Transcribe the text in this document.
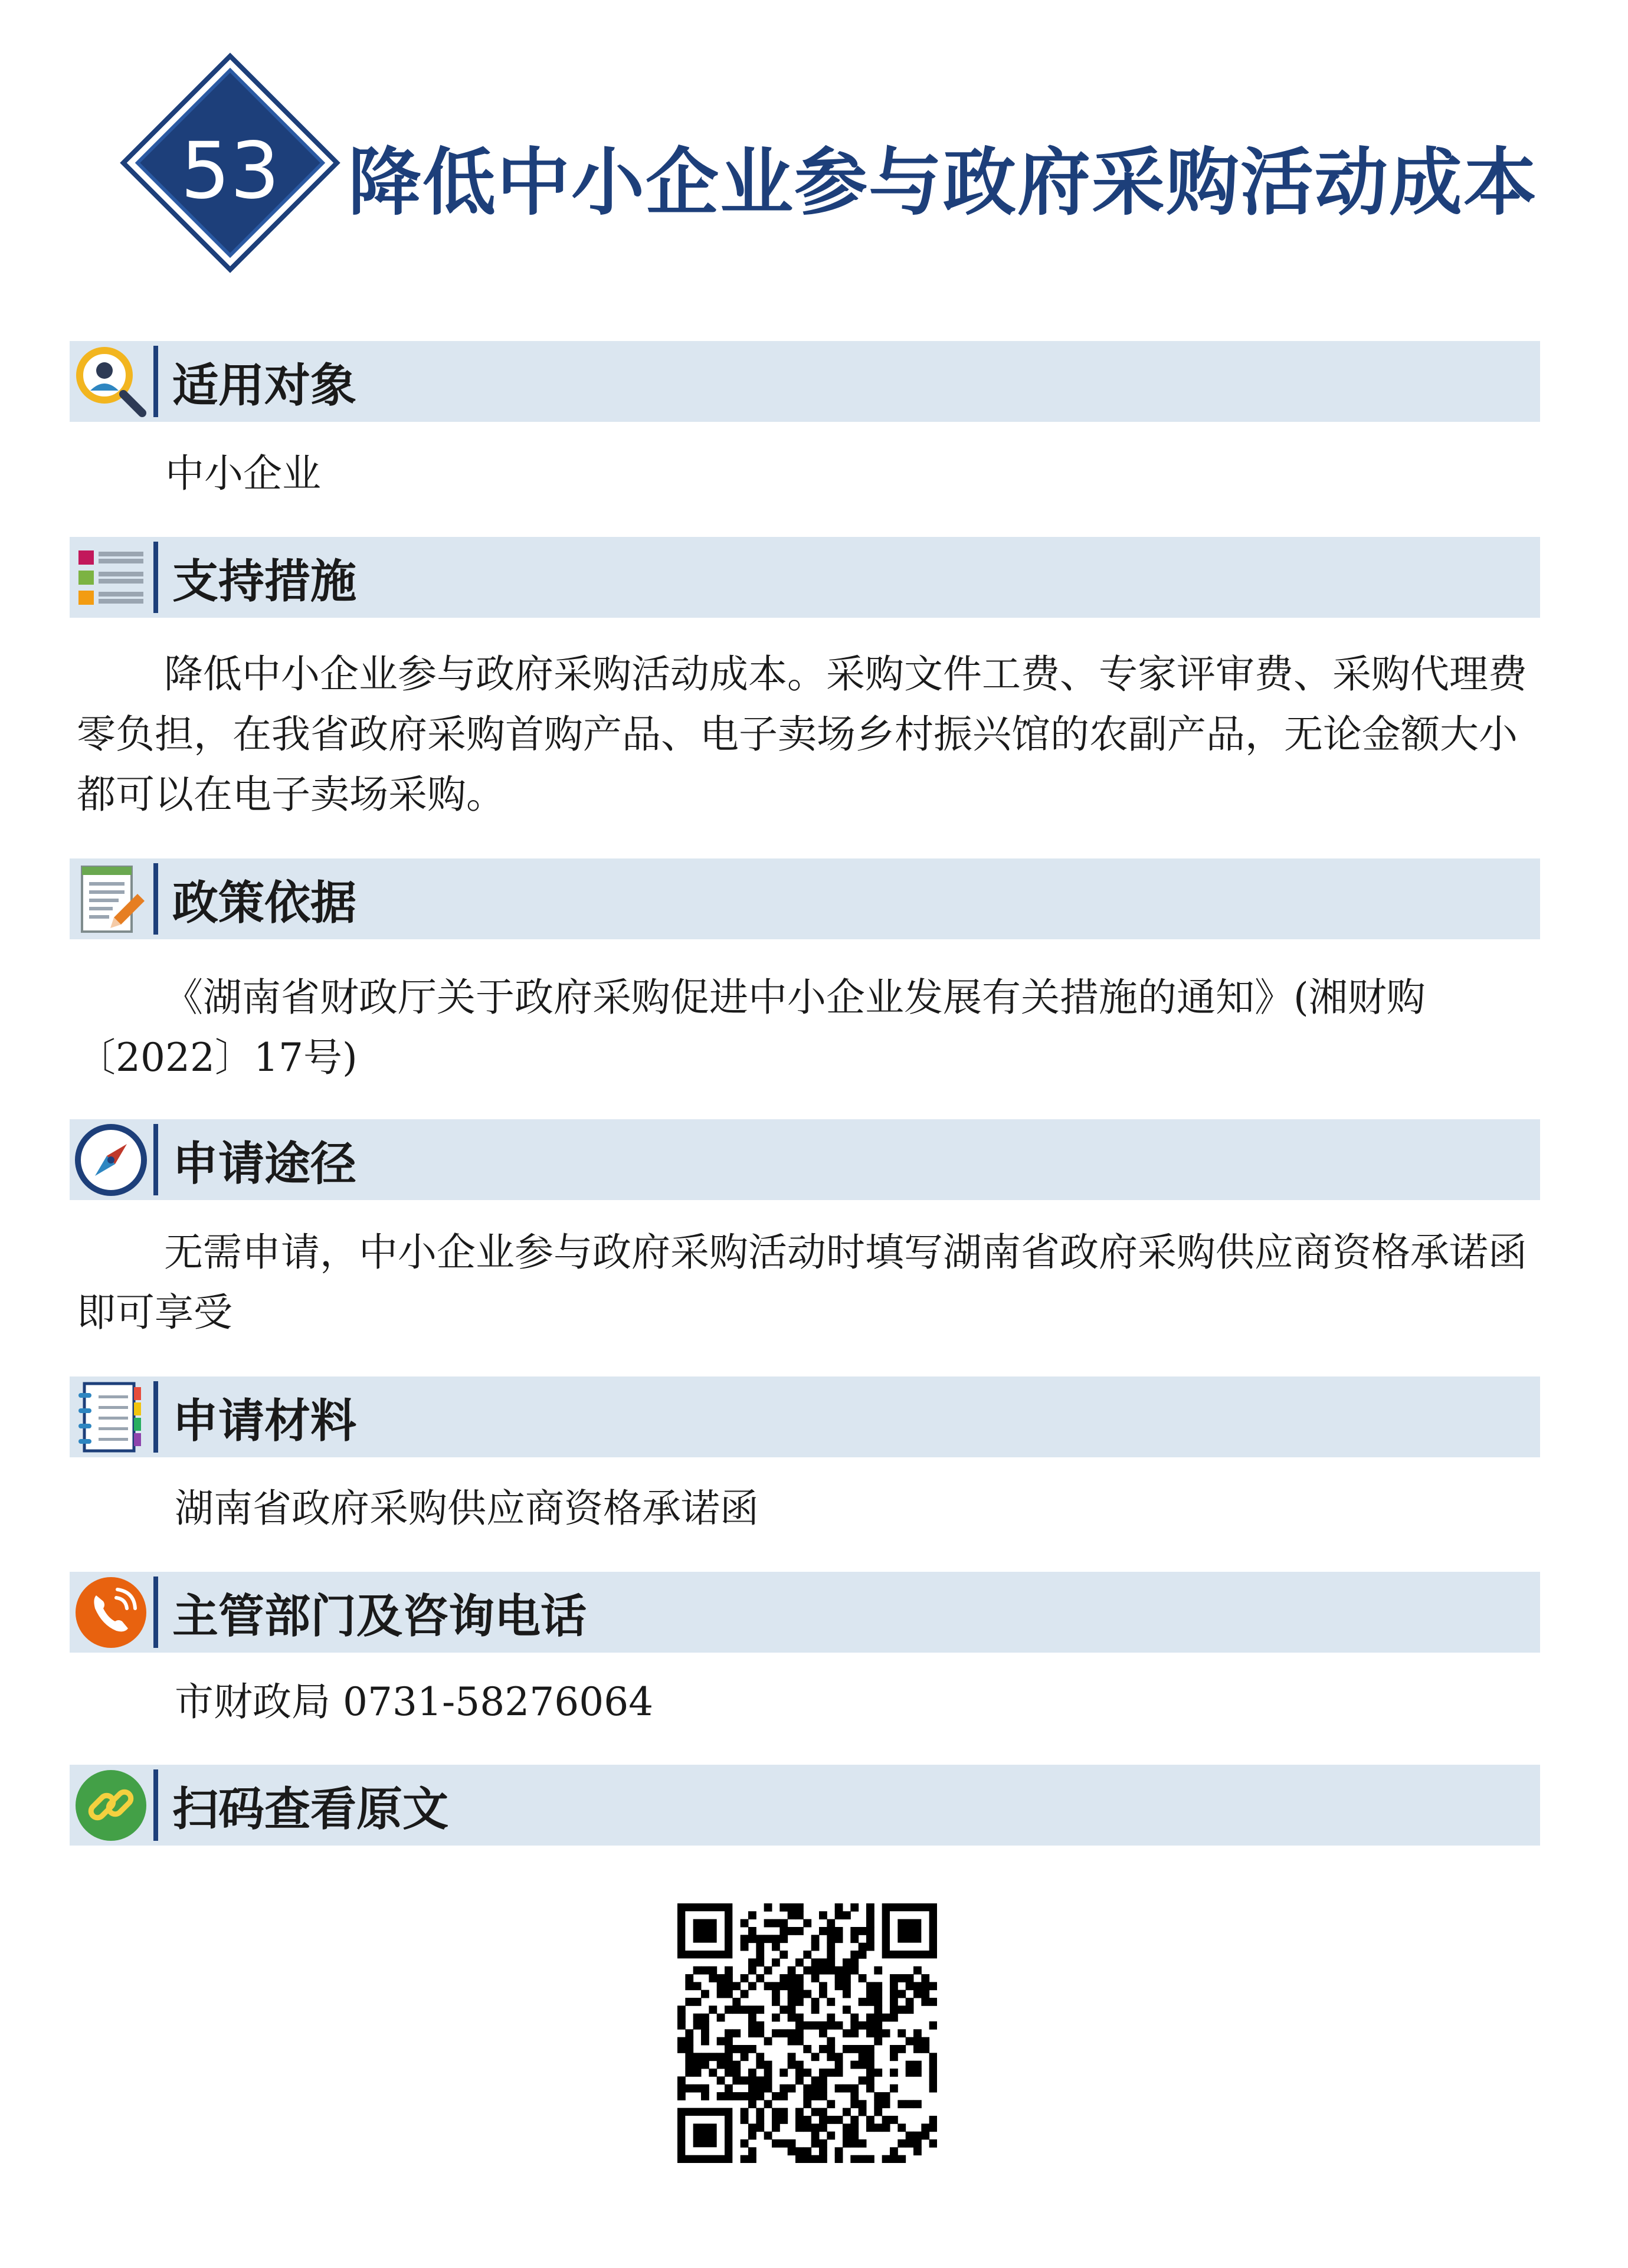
53 降低中小企业参与政府采购活动成本
适用对象
中小企业
支持措施
降低中小企业参与政府采购活动成本。采购文件工费、专家评审费、采购代理费零负担，在我省政府采购首购产品、电子卖场乡村振兴馆的农副产品，无论金额大小都可以在电子卖场采购。
政策依据
《湖南省财政厅关于政府采购促进中小企业发展有关措施的通知》(湘财购〔2022〕17号)
申请途径
无需申请，中小企业参与政府采购活动时填写湖南省政府采购供应商资格承诺函即可享受
申请材料
湖南省政府采购供应商资格承诺函
主管部门及咨询电话
市财政局 0731-58276064
扫码查看原文
